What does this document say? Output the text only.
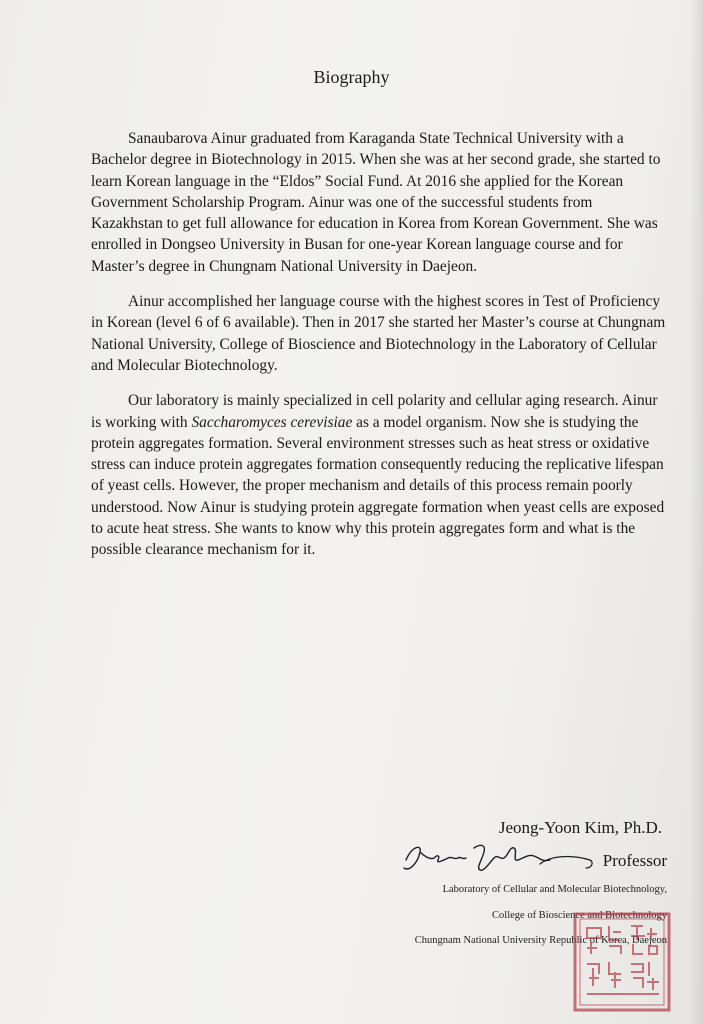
Biography

Sanaubarova Ainur graduated from Karaganda State Technical University with a Bachelor degree in Biotechnology in 2015. When she was at her second grade, she started to learn Korean language in the “Eldos” Social Fund. At 2016 she applied for the Korean Government Scholarship Program. Ainur was one of the successful students from Kazakhstan to get full allowance for education in Korea from Korean Government. She was enrolled in Dongseo University in Busan for one-year Korean language course and for Master’s degree in Chungnam National University in Daejeon.

Ainur accomplished her language course with the highest scores in Test of Proficiency in Korean (level 6 of 6 available). Then in 2017 she started her Master’s course at Chungnam National University, College of Bioscience and Biotechnology in the Laboratory of Cellular and Molecular Biotechnology.

Our laboratory is mainly specialized in cell polarity and cellular aging research. Ainur is working with Saccharomyces cerevisiae as a model organism. Now she is studying the protein aggregates formation. Several environment stresses such as heat stress or oxidative stress can induce protein aggregates formation consequently reducing the replicative lifespan of yeast cells. However, the proper mechanism and details of this process remain poorly understood. Now Ainur is studying protein aggregate formation when yeast cells are exposed to acute heat stress. She wants to know why this protein aggregates form and what is the possible clearance mechanism for it.

Jeong-Yoon Kim, Ph.D.
Professor
Laboratory of Cellular and Molecular Biotechnology,
College of Bioscience and Biotechnology
Chungnam National University Republic of Korea, Daejeon
